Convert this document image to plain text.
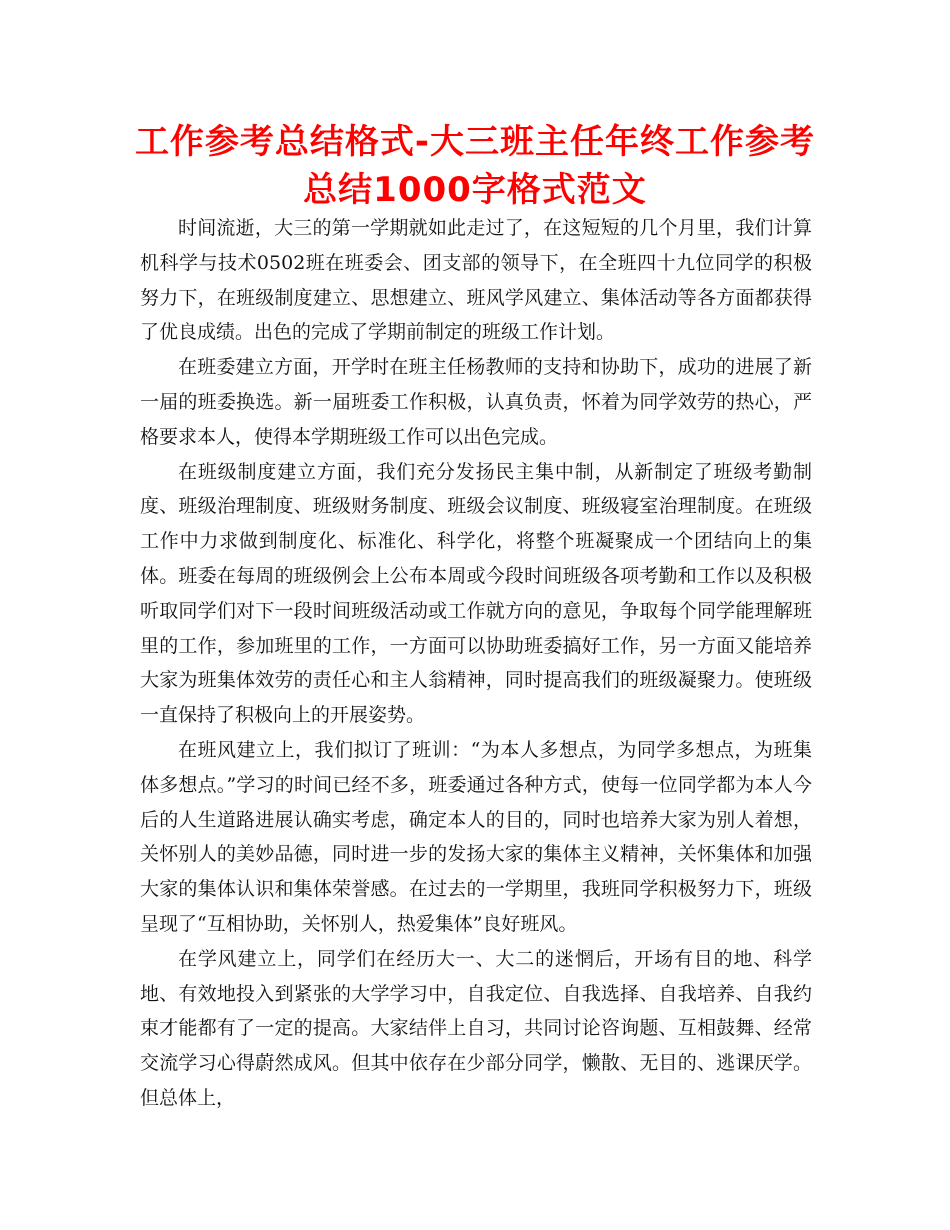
工作参考总结格式-大三班主任年终工作参考总结1000字格式范文

时间流逝，大三的第一学期就如此走过了，在这短短的几个月里，我们计算机科学与技术0502班在班委会、团支部的领导下，在全班四十九位同学的积极努力下，在班级制度建立、思想建立、班风学风建立、集体活动等各方面都获得了优良成绩。出色的完成了学期前制定的班级工作计划。

在班委建立方面，开学时在班主任杨教师的支持和协助下，成功的进展了新一届的班委换选。新一届班委工作积极，认真负责，怀着为同学效劳的热心，严格要求本人，使得本学期班级工作可以出色完成。

在班级制度建立方面，我们充分发扬民主集中制，从新制定了班级考勤制度、班级治理制度、班级财务制度、班级会议制度、班级寝室治理制度。在班级工作中力求做到制度化、标准化、科学化，将整个班凝聚成一个团结向上的集体。班委在每周的班级例会上公布本周或今段时间班级各项考勤和工作以及积极听取同学们对下一段时间班级活动或工作就方向的意见，争取每个同学能理解班里的工作，参加班里的工作，一方面可以协助班委搞好工作，另一方面又能培养大家为班集体效劳的责任心和主人翁精神，同时提高我们的班级凝聚力。使班级一直保持了积极向上的开展姿势。

在班风建立上，我们拟订了班训：“为本人多想点，为同学多想点，为班集体多想点。”学习的时间已经不多，班委通过各种方式，使每一位同学都为本人今后的人生道路进展认确实考虑，确定本人的目的，同时也培养大家为别人着想，关怀别人的美妙品德，同时进一步的发扬大家的集体主义精神，关怀集体和加强大家的集体认识和集体荣誉感。在过去的一学期里，我班同学积极努力下，班级呈现了“互相协助，关怀别人，热爱集体”良好班风。

在学风建立上，同学们在经历大一、大二的迷惘后，开场有目的地、科学地、有效地投入到紧张的大学学习中，自我定位、自我选择、自我培养、自我约束才能都有了一定的提高。大家结伴上自习，共同讨论咨询题、互相鼓舞、经常交流学习心得蔚然成风。但其中依存在少部分同学，懒散、无目的、逃课厌学。但总体上，
